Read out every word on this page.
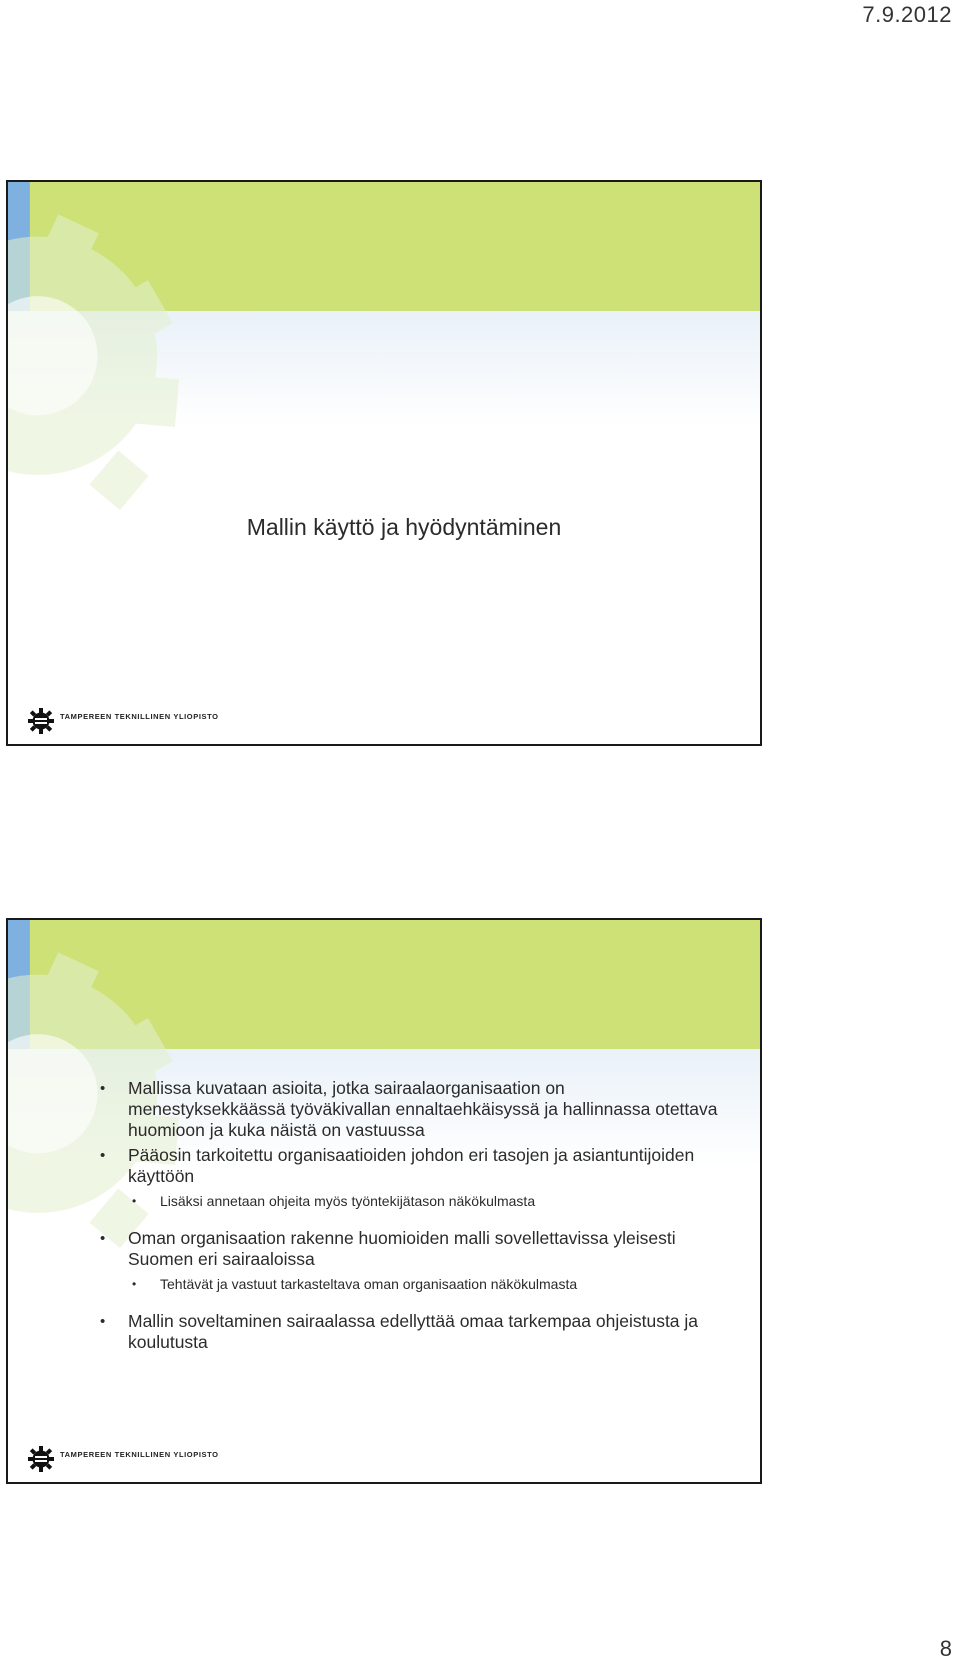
7.9.2012
Mallin käyttö ja hyödyntäminen
TAMPEREEN TEKNILLINEN YLIOPISTO
• Mallissa kuvataan asioita, jotka sairaalaorganisaation on menestyksekkäässä työväkivallan ennaltaehkäisyssä ja hallinnassa otettava huomioon ja kuka näistä on vastuussa
• Pääosin tarkoitettu organisaatioiden johdon eri tasojen ja asiantuntijoiden käyttöön
• Lisäksi annetaan ohjeita myös työntekijätason näkökulmasta
• Oman organisaation rakenne huomioiden malli sovellettavissa yleisesti Suomen eri sairaaloissa
• Tehtävät ja vastuut tarkasteltava oman organisaation näkökulmasta
• Mallin soveltaminen sairaalassa edellyttää omaa tarkempaa ohjeistusta ja koulutusta
TAMPEREEN TEKNILLINEN YLIOPISTO
8
